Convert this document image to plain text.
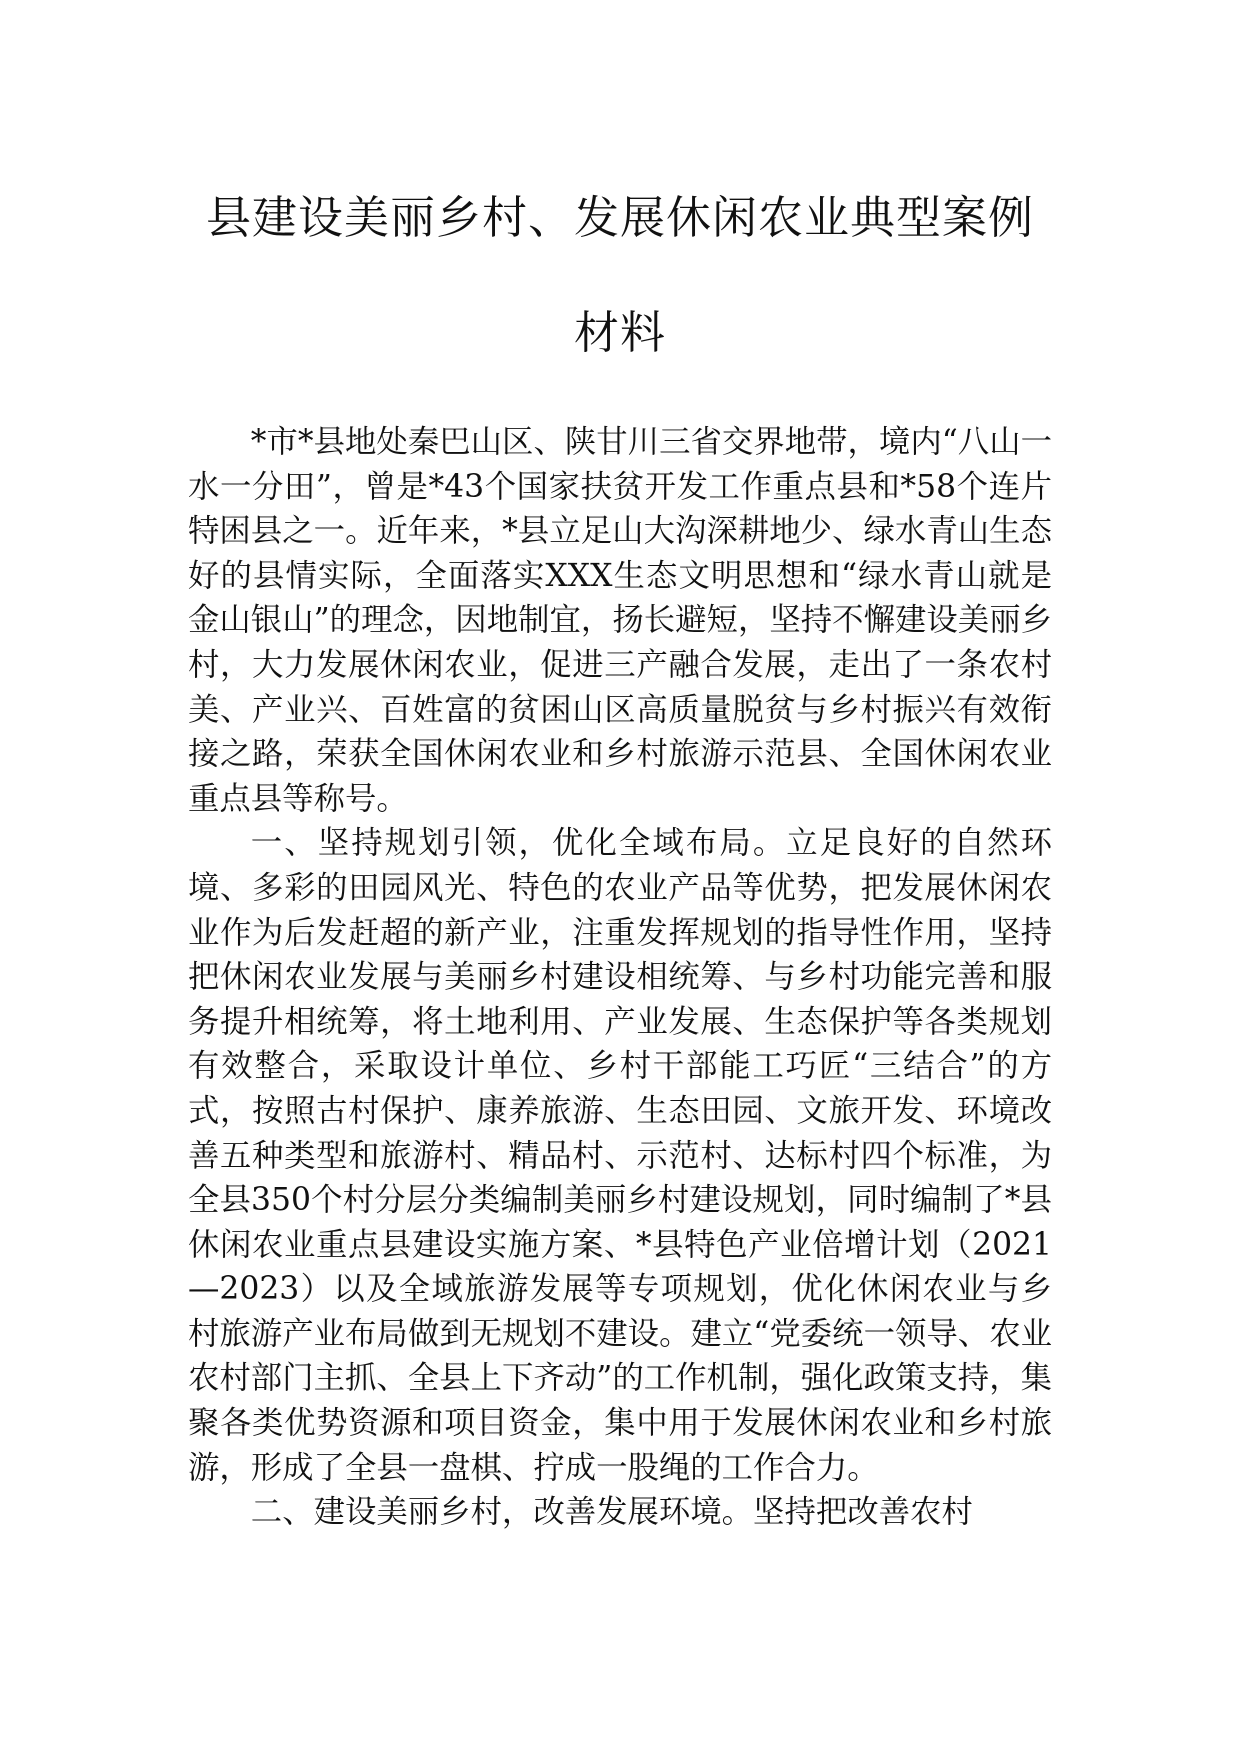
县建设美丽乡村、发展休闲农业典型案例
材料

*市*县地处秦巴山区、陕甘川三省交界地带，境内“八山一水一分田”，曾是*43个国家扶贫开发工作重点县和*58个连片特困县之一。近年来，*县立足山大沟深耕地少、绿水青山生态好的县情实际，全面落实XXX生态文明思想和“绿水青山就是金山银山”的理念，因地制宜，扬长避短，坚持不懈建设美丽乡村，大力发展休闲农业，促进三产融合发展，走出了一条农村美、产业兴、百姓富的贫困山区高质量脱贫与乡村振兴有效衔接之路，荣获全国休闲农业和乡村旅游示范县、全国休闲农业重点县等称号。

一、坚持规划引领，优化全域布局。立足良好的自然环境、多彩的田园风光、特色的农业产品等优势，把发展休闲农业作为后发赶超的新产业，注重发挥规划的指导性作用，坚持把休闲农业发展与美丽乡村建设相统筹、与乡村功能完善和服务提升相统筹，将土地利用、产业发展、生态保护等各类规划有效整合，采取设计单位、乡村干部能工巧匠“三结合”的方式，按照古村保护、康养旅游、生态田园、文旅开发、环境改善五种类型和旅游村、精品村、示范村、达标村四个标准，为全县350个村分层分类编制美丽乡村建设规划，同时编制了*县休闲农业重点县建设实施方案、*县特色产业倍增计划（2021—2023）以及全域旅游发展等专项规划，优化休闲农业与乡村旅游产业布局做到无规划不建设。建立“党委统一领导、农业农村部门主抓、全县上下齐动”的工作机制，强化政策支持，集聚各类优势资源和项目资金，集中用于发展休闲农业和乡村旅游，形成了全县一盘棋、拧成一股绳的工作合力。

二、建设美丽乡村，改善发展环境。坚持把改善农村
